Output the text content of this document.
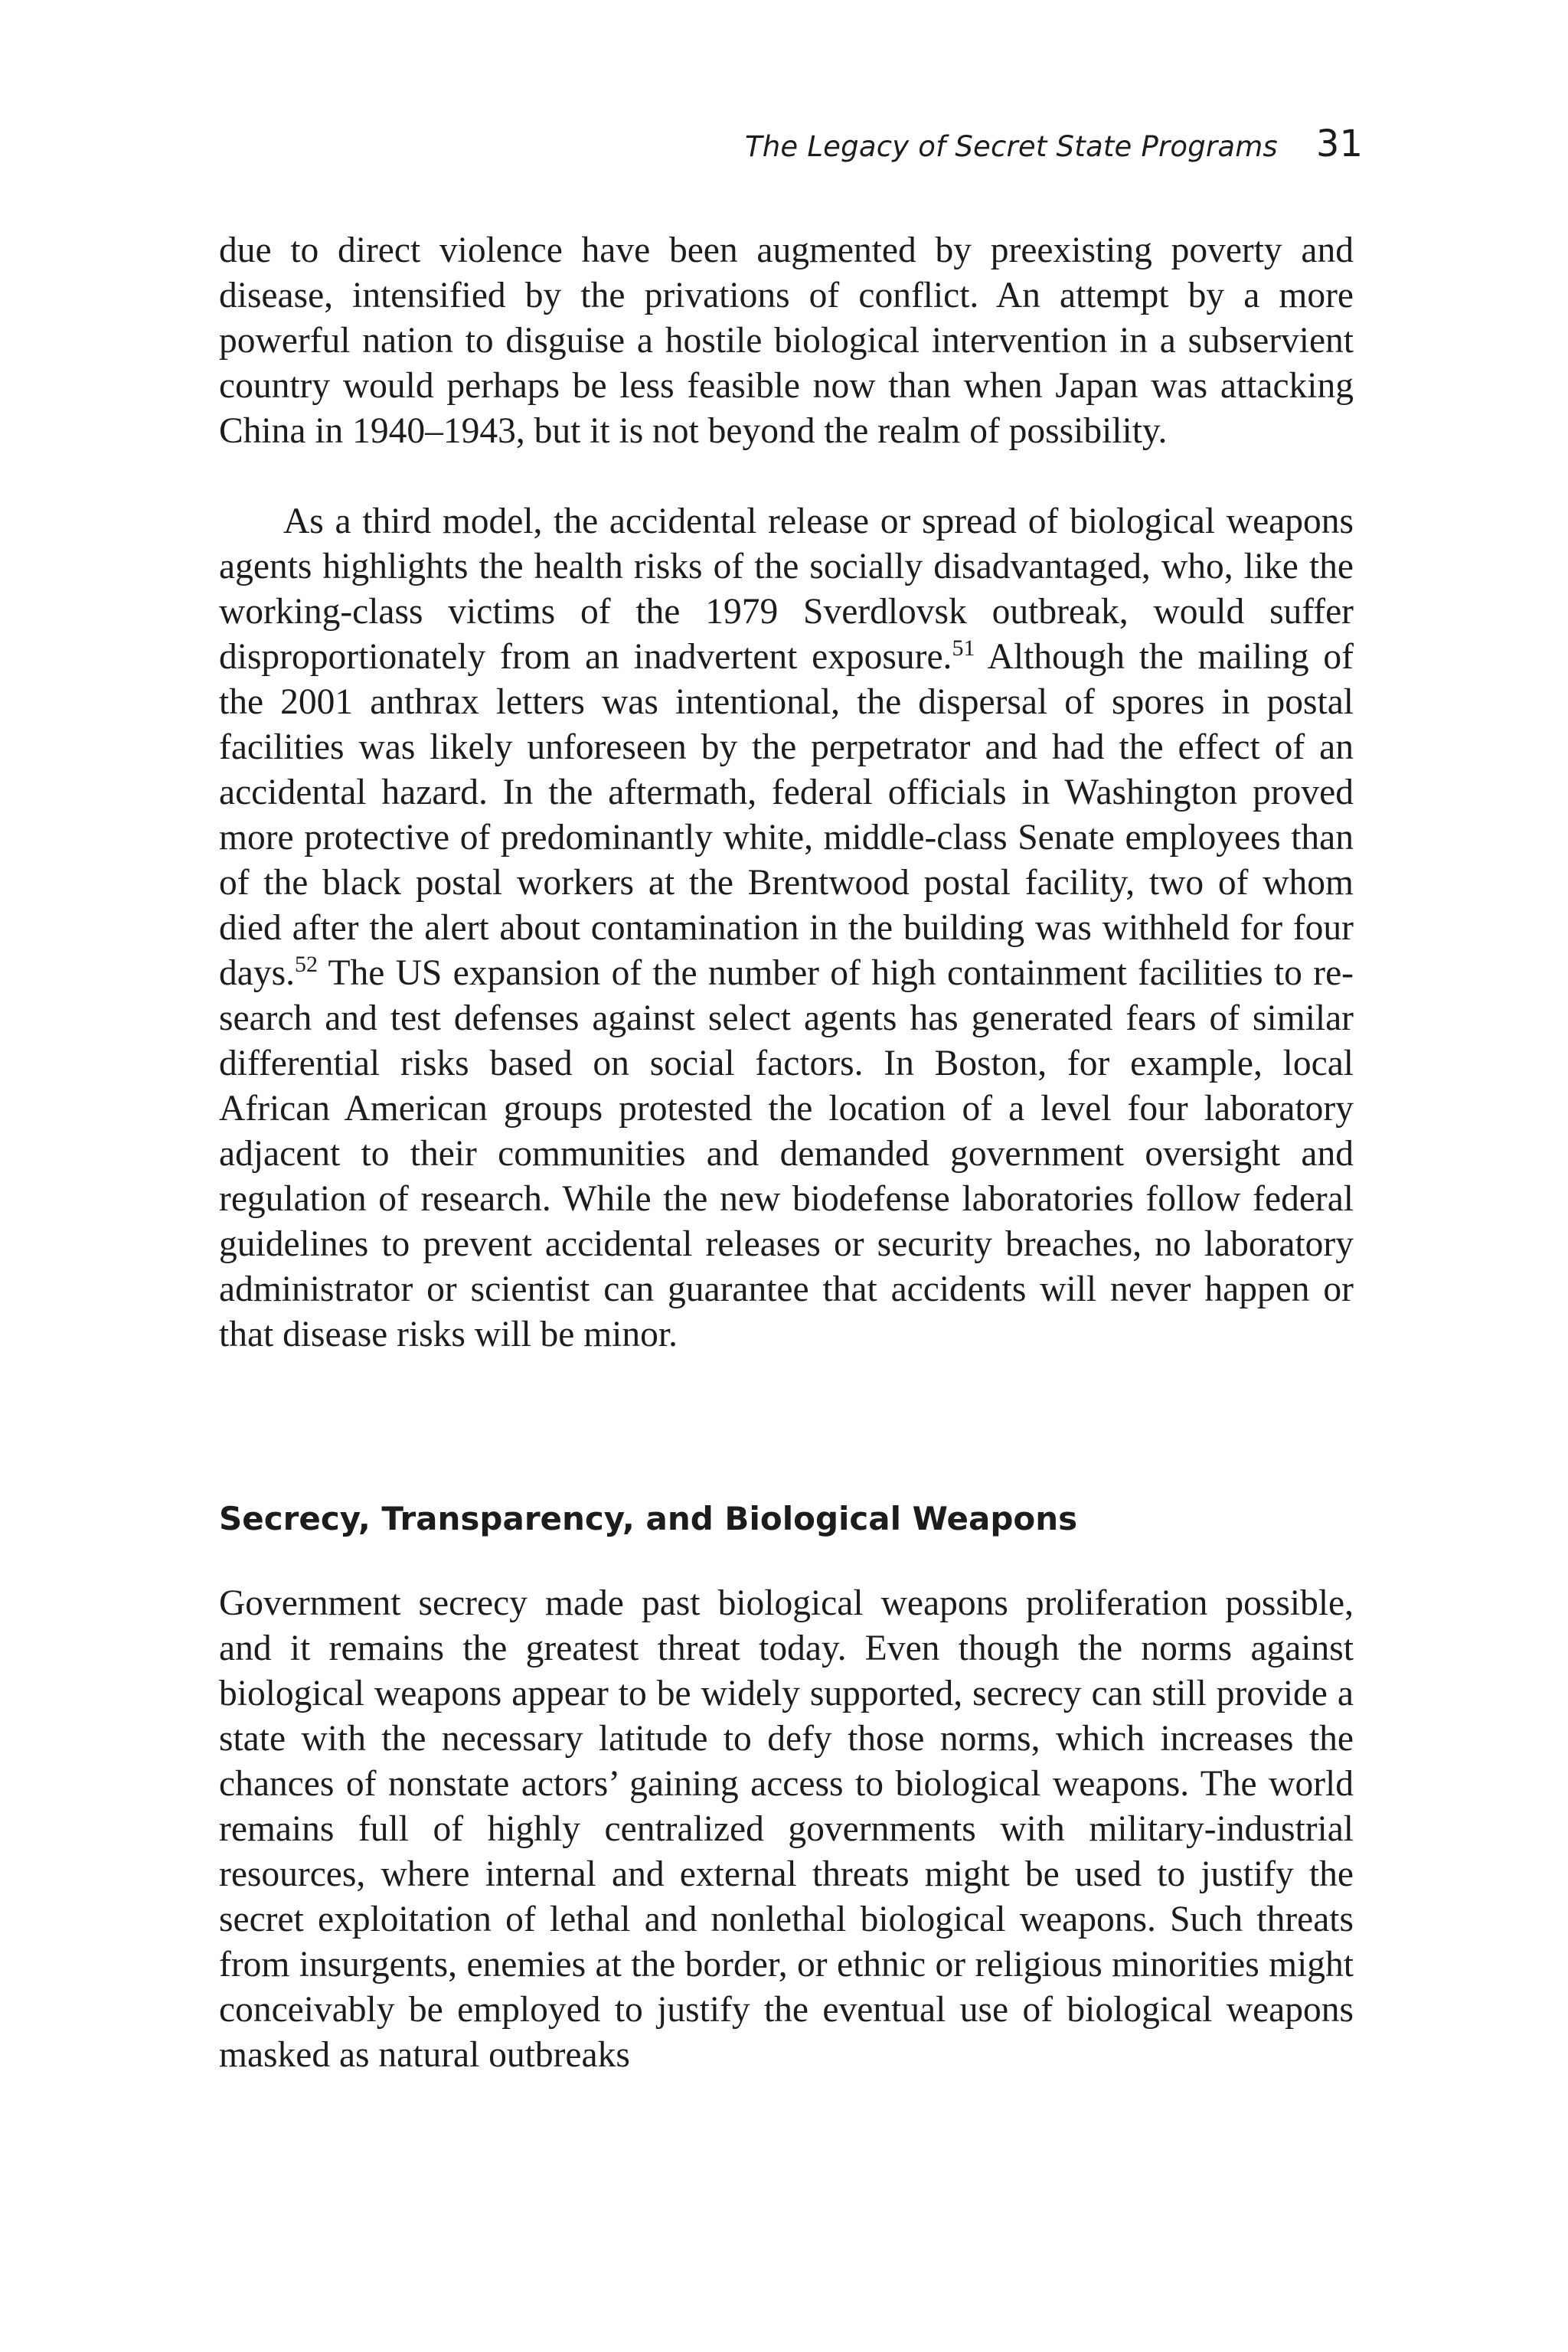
The Legacy of Secret State Programs 31

due to direct violence have been augmented by preexisting poverty and disease, intensified by the privations of conflict. An attempt by a more powerful nation to disguise a hostile biological intervention in a subservient country would perhaps be less feasible now than when Japan was attacking China in 1940–1943, but it is not beyond the realm of possibility.

As a third model, the accidental release or spread of biological weapons agents highlights the health risks of the socially disadvantaged, who, like the working-class victims of the 1979 Sverdlovsk outbreak, would suffer disproportionately from an inadvertent exposure.$^{51}$ Although the mailing of the 2001 anthrax letters was intentional, the dispersal of spores in postal facilities was likely unforeseen by the perpetrator and had the effect of an accidental hazard. In the aftermath, federal officials in Washington proved more protective of predominantly white, middle-class Senate employees than of the black postal workers at the Brentwood postal facility, two of whom died after the alert about contamination in the building was withheld for four days.$^{52}$ The US expansion of the number of high containment facilities to research and test defenses against select agents has generated fears of similar differential risks based on social factors. In Boston, for example, local African American groups protested the location of a level four laboratory adjacent to their communities and demanded government oversight and regulation of research. While the new biodefense laboratories follow federal guidelines to prevent accidental releases or security breaches, no laboratory administrator or scientist can guarantee that accidents will never happen or that disease risks will be minor.

Secrecy, Transparency, and Biological Weapons

Government secrecy made past biological weapons proliferation possible, and it remains the greatest threat today. Even though the norms against biological weapons appear to be widely supported, secrecy can still provide a state with the necessary latitude to defy those norms, which increases the chances of nonstate actors’ gaining access to biological weapons. The world remains full of highly centralized governments with military-industrial resources, where internal and external threats might be used to justify the secret exploitation of lethal and nonlethal biological weapons. Such threats from insurgents, enemies at the border, or ethnic or religious minorities might conceivably be employed to justify the eventual use of biological weapons masked as natural outbreaks
